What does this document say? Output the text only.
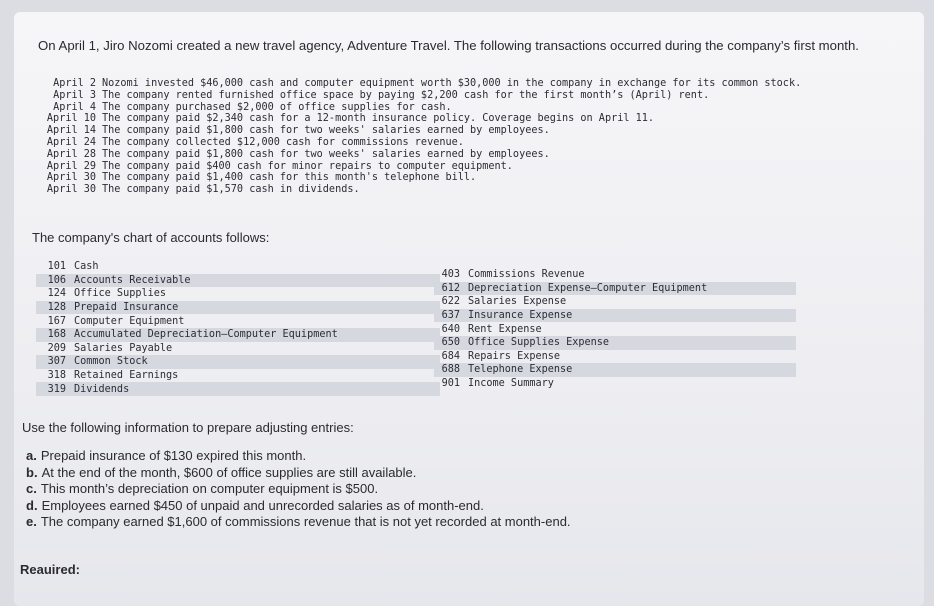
On April 1, Jiro Nozomi created a new travel agency, Adventure Travel. The following transactions occurred during the company’s first month.
April 2 Nozomi invested $46,000 cash and computer equipment worth $30,000 in the company in exchange for its common stock.
April 3 The company rented furnished office space by paying $2,200 cash for the first month’s (April) rent.
April 4 The company purchased $2,000 of office supplies for cash.
April 10 The company paid $2,340 cash for a 12-month insurance policy. Coverage begins on April 11.
April 14 The company paid $1,800 cash for two weeks' salaries earned by employees.
April 24 The company collected $12,000 cash for commissions revenue.
April 28 The company paid $1,800 cash for two weeks' salaries earned by employees.
April 29 The company paid $400 cash for minor repairs to computer equipment.
April 30 The company paid $1,400 cash for this month's telephone bill.
April 30 The company paid $1,570 cash in dividends.
The company's chart of accounts follows:
101 Cash
106 Accounts Receivable
124 Office Supplies
128 Prepaid Insurance
167 Computer Equipment
168 Accumulated Depreciation—Computer Equipment
209 Salaries Payable
307 Common Stock
318 Retained Earnings
319 Dividends
403 Commissions Revenue
612 Depreciation Expense—Computer Equipment
622 Salaries Expense
637 Insurance Expense
640 Rent Expense
650 Office Supplies Expense
684 Repairs Expense
688 Telephone Expense
901 Income Summary
Use the following information to prepare adjusting entries:
a. Prepaid insurance of $130 expired this month.
b. At the end of the month, $600 of office supplies are still available.
c. This month’s depreciation on computer equipment is $500.
d. Employees earned $450 of unpaid and unrecorded salaries as of month-end.
e. The company earned $1,600 of commissions revenue that is not yet recorded at month-end.
Reauired:
